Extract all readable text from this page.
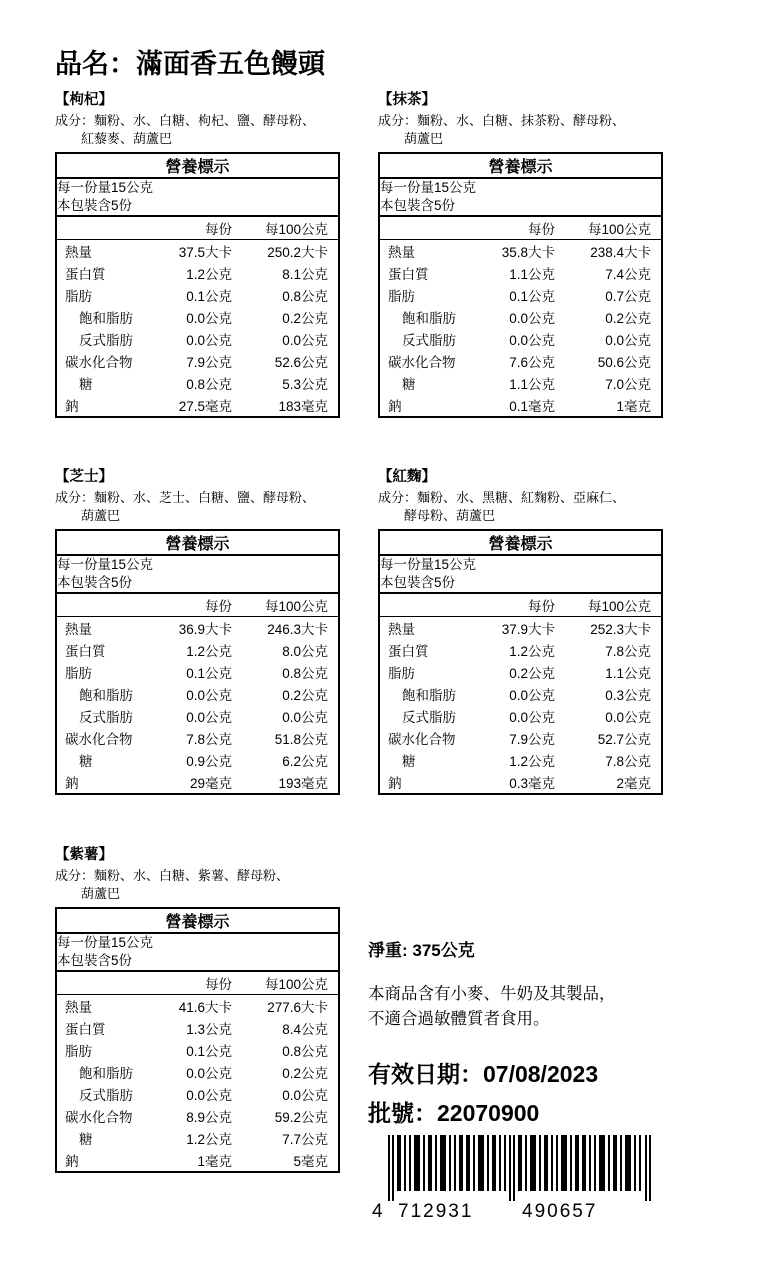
品名：滿面香五色饅頭
【枸杞】
成分：麵粉、水、白糖、枸杞、鹽、酵母粉、
紅藜麥、葫蘆巴
營養標示

每一份量15公克
本包裝含5份

	每份	每100公克

熱量	37.5大卡	250.2大卡
蛋白質	1.2公克	8.1公克
脂肪	0.1公克	0.8公克
飽和脂肪	0.0公克	0.2公克
反式脂肪	0.0公克	0.0公克
碳水化合物	7.9公克	52.6公克
糖	0.8公克	5.3公克
鈉	27.5毫克	183毫克
【抹茶】
成分：麵粉、水、白糖、抹茶粉、酵母粉、
葫蘆巴
營養標示

每一份量15公克
本包裝含5份

	每份	每100公克

熱量	35.8大卡	238.4大卡
蛋白質	1.1公克	7.4公克
脂肪	0.1公克	0.7公克
飽和脂肪	0.0公克	0.2公克
反式脂肪	0.0公克	0.0公克
碳水化合物	7.6公克	50.6公克
糖	1.1公克	7.0公克
鈉	0.1毫克	1毫克
【芝士】
成分：麵粉、水、芝士、白糖、鹽、酵母粉、
葫蘆巴
營養標示

每一份量15公克
本包裝含5份

	每份	每100公克

熱量	36.9大卡	246.3大卡
蛋白質	1.2公克	8.0公克
脂肪	0.1公克	0.8公克
飽和脂肪	0.0公克	0.2公克
反式脂肪	0.0公克	0.0公克
碳水化合物	7.8公克	51.8公克
糖	0.9公克	6.2公克
鈉	29毫克	193毫克
【紅麴】
成分：麵粉、水、黑糖、紅麴粉、亞麻仁、
酵母粉、葫蘆巴
營養標示

每一份量15公克
本包裝含5份

	每份	每100公克

熱量	37.9大卡	252.3大卡
蛋白質	1.2公克	7.8公克
脂肪	0.2公克	1.1公克
飽和脂肪	0.0公克	0.3公克
反式脂肪	0.0公克	0.0公克
碳水化合物	7.9公克	52.7公克
糖	1.2公克	7.8公克
鈉	0.3毫克	2毫克
【紫薯】
成分：麵粉、水、白糖、紫薯、酵母粉、
葫蘆巴
營養標示

每一份量15公克
本包裝含5份

	每份	每100公克

熱量	41.6大卡	277.6大卡
蛋白質	1.3公克	8.4公克
脂肪	0.1公克	0.8公克
飽和脂肪	0.0公克	0.2公克
反式脂肪	0.0公克	0.0公克
碳水化合物	8.9公克	59.2公克
糖	1.2公克	7.7公克
鈉	1毫克	5毫克
淨重: 375公克
本商品含有小麥、牛奶及其製品，
不適合過敏體質者食用。
有效日期：07/08/2023
批號：22070900
4 712931	490657
